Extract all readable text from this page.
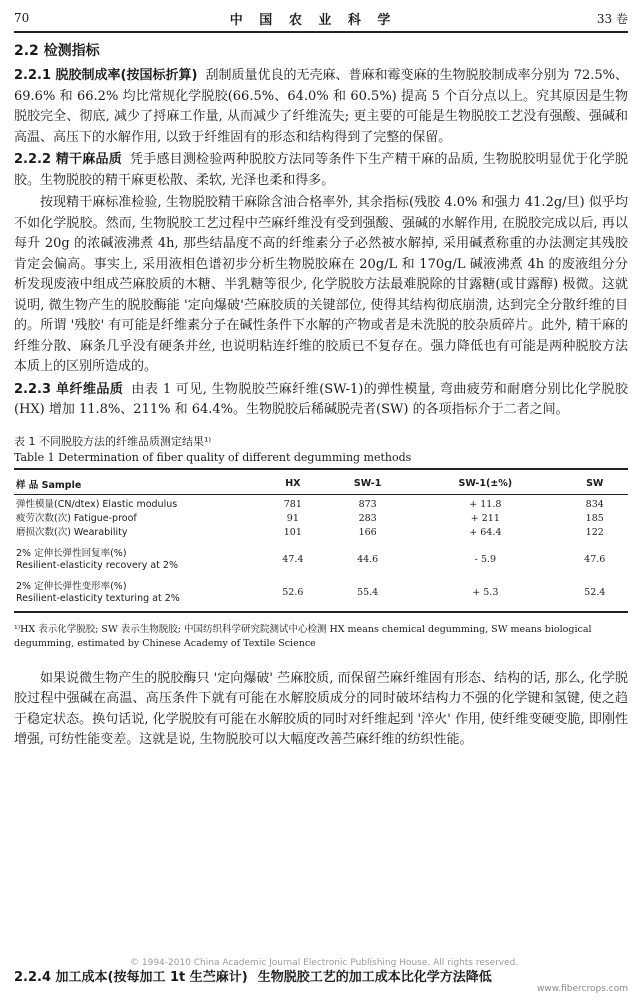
70	中 国 农 业 科 学	33 卷
2.2 检测指标

2.2.1 脱胶制成率(按国标折算) 刮制质量优良的无壳麻、普麻和霉变麻的生物脱胶制成率分别为 72.5%、69.6% 和 66.2% 均比常规化学脱胶(66.5%、64.0% 和 60.5%) 提高 5 个百分点以上。究其原因是生物脱胶完全、彻底, 减少了捋麻工作量, 从而减少了纤维流失; 更主要的可能是生物脱胶工艺没有强酸、强碱和高温、高压下的水解作用, 以致于纤维固有的形态和结构得到了完整的保留。

2.2.2 精干麻品质 凭手感目测检验两种脱胶方法同等条件下生产精干麻的品质, 生物脱胶明显优于化学脱胶。生物脱胶的精干麻更松散、柔软, 光泽也柔和得多。

按现精干麻标准检验, 生物脱胶精干麻除含油合格率外, 其余指标(残胶 4.0% 和强力 41.2g/旦) 似乎均不如化学脱胶。然而, 生物脱胶工艺过程中苎麻纤维没有受到强酸、强碱的水解作用, 在脱胶完成以后, 再以每升 20g 的浓碱液沸煮 4h, 那些结晶度不高的纤维素分子必然被水解掉, 采用碱煮称重的办法测定其残胶肯定会偏高。事实上, 采用液相色谱初步分析生物脱胶麻在 20g/L 和 170g/L 碱液沸煮 4h 的废液组分分析发现废液中组成苎麻胶质的木糖、半乳糖等很少, 化学脱胶方法最难脱除的甘露糖(或甘露醇) 极微。这就说明, 微生物产生的脱胶酶能 '定向爆破'苎麻胶质的关键部位, 使得其结构彻底崩溃, 达到完全分散纤维的目的。所谓 '残胶' 有可能是纤维素分子在碱性条件下水解的产物或者是未洗脱的胶杂质碎片。此外, 精干麻的纤维分散、麻条几乎没有硬条并丝, 也说明粘连纤维的胶质已不复存在。强力降低也有可能是两种脱胶方法本质上的区别所造成的。

2.2.3 单纤维品质 由表 1 可见, 生物脱胶苎麻纤维(SW-1)的弹性模量, 弯曲疲劳和耐磨分别比化学脱胶(HX) 增加 11.8%、211% 和 64.4%。生物脱胶后稀碱脱壳者(SW) 的各项指标介于二者之间。

表 1 不同脱胶方法的纤维品质测定结果¹⁾
Table 1 Determination of fiber quality of different degumming methods
样 品 Sample	HX	SW-1	SW-1(±%)	SW
弹性模量(CN/dtex) Elastic modulus	781	873	+ 11.8	834
疲劳次数(次) Fatigue-proof	91	283	+ 211	185
磨损次数(次) Wearability	101	166	+ 64.4	122

2% 定伸长弹性回复率(%)
Resilient-elasticity recovery at 2%	47.4	44.6	- 5.9	47.6

2% 定伸长弹性变形率(%)
Resilient-elasticity texturing at 2%	52.6	55.4	+ 5.3	52.4
¹⁾HX 表示化学脱胶; SW 表示生物脱胶; 中国纺织科学研究院测试中心检测 HX means chemical degumming, SW means biological degumming, estimated by Chinese Academy of Textile Science

如果说微生物产生的脱胶酶只 '定向爆破' 苎麻胶质, 而保留苎麻纤维固有形态、结构的话, 那么, 化学脱胶过程中强碱在高温、高压条件下就有可能在水解胶质成分的同时破坏结构力不强的化学键和氢键, 使之趋于稳定状态。换句话说, 化学脱胶有可能在水解胶质的同时对纤维起到 '淬火' 作用, 使纤维变硬变脆, 即刚性增强, 可纺性能变差。这就是说, 生物脱胶可以大幅度改善苎麻纤维的纺织性能。

© 1994-2010 China Academic Journal Electronic Publishing House. All rights reserved.
2.2.4 加工成本(按每加工 1t 生苎麻计) 生物脱胶工艺的加工成本比化学方法降低
www.fibercrops.com
